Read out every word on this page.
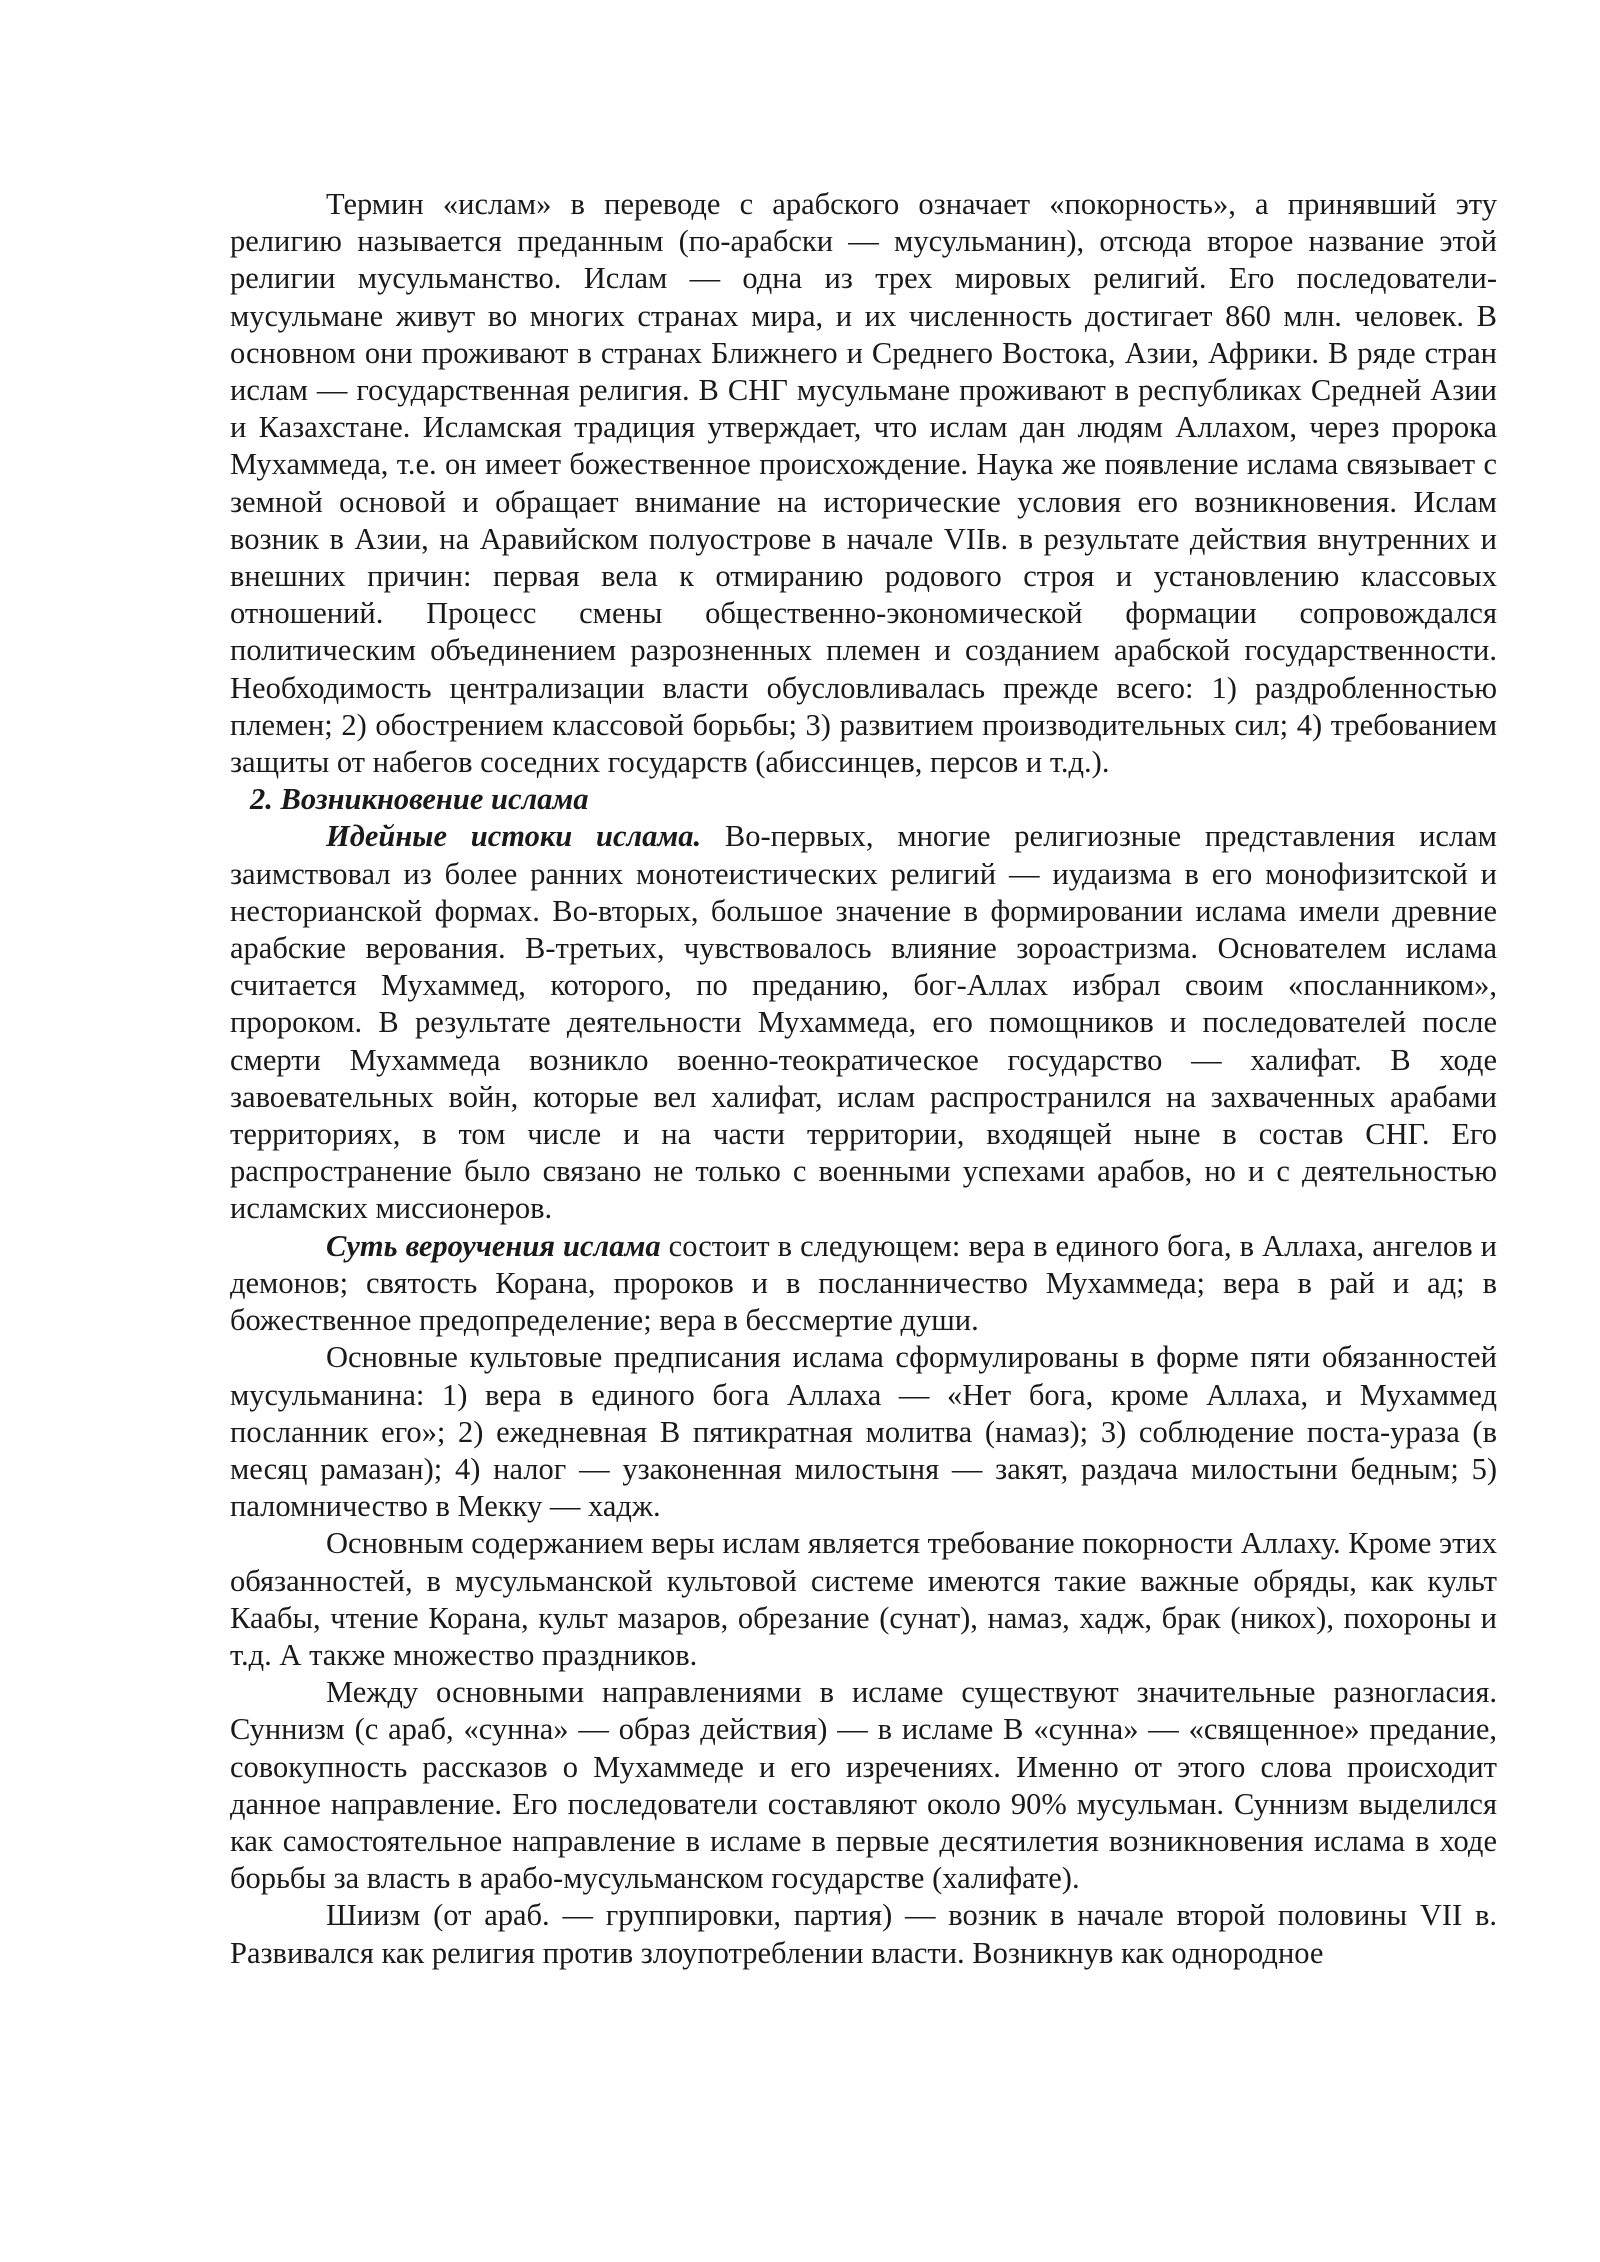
Термин «ислам» в переводе с арабского означает «покорность», а принявший эту религию называется преданным (по-арабски — мусульманин), отсюда второе название этой религии мусульманство. Ислам — одна из трех мировых религий. Его последователи-мусульмане живут во многих странах мира, и их численность достигает 860 млн. человек. В основном они проживают в странах Ближнего и Среднего Востока, Азии, Африки. В ряде стран ислам — государственная религия. В СНГ мусульмане проживают в республиках Средней Азии и Казахстане. Исламская традиция утверждает, что ислам дан людям Аллахом, через пророка Мухаммеда, т.е. он имеет божественное происхождение. Наука же появление ислама связывает с земной основой и обращает внимание на исторические условия его возникновения. Ислам возник в Азии, на Аравийском полуострове в начале VIIв. в результате действия внутренних и внешних причин: первая вела к отмиранию родового строя и установлению классовых отношений. Процесс смены общественно-экономической формации сопровождался политическим объединением разрозненных племен и созданием арабской государственности. Необходимость централизации власти обусловливалась прежде всего: 1) раздробленностью племен; 2) обострением классовой борьбы; 3) развитием производительных сил; 4) требованием защиты от набегов соседних государств (абиссинцев, персов и т.д.).

2. Возникновение ислама

Идейные истоки ислама. Во-первых, многие религиозные представления ислам заимствовал из более ранних монотеистических религий — иудаизма в его монофизитской и несторианской формах. Во-вторых, большое значение в формировании ислама имели древние арабские верования. В-третьих, чувствовалось влияние зороастризма. Основателем ислама считается Мухаммед, которого, по преданию, бог-Аллах избрал своим «посланником», пророком. В результате деятельности Мухаммеда, его помощников и последователей после смерти Мухаммеда возникло военно-теократическое государство — халифат. В ходе завоевательных войн, которые вел халифат, ислам распространился на захваченных арабами территориях, в том числе и на части территории, входящей ныне в состав СНГ. Его распространение было связано не только с военными успехами арабов, но и с деятельностью исламских миссионеров.

Суть вероучения ислама состоит в следующем: вера в единого бога, в Аллаха, ангелов и демонов; святость Корана, пророков и в посланничество Мухаммеда; вера в рай и ад; в божественное предопределение; вера в бессмертие души.

Основные культовые предписания ислама сформулированы в форме пяти обязанностей мусульманина: 1) вера в единого бога Аллаха — «Нет бога, кроме Аллаха, и Мухаммед посланник его»; 2) ежедневная В пятикратная молитва (намаз); 3) соблюдение поста-ураза (в месяц рамазан); 4) налог — узаконенная милостыня — закят, раздача милостыни бедным; 5) паломничество в Мекку — хадж.

Основным содержанием веры ислам является требование покорности Аллаху. Кроме этих обязанностей, в мусульманской культовой системе имеются такие важные обряды, как культ Каабы, чтение Корана, культ мазаров, обрезание (сунат), намаз, хадж, брак (никох), похороны и т.д. А также множество праздников.

Между основными направлениями в исламе существуют значительные разногласия. Суннизм (с араб, «сунна» — образ действия) — в исламе В «сунна» — «священное» предание, совокупность рассказов о Мухаммеде и его изречениях. Именно от этого слова происходит данное направление. Его последователи составляют около 90% мусульман. Суннизм выделился как самостоятельное направление в исламе в первые десятилетия возникновения ислама в ходе борьбы за власть в арабо-мусульманском государстве (халифате).

Шиизм (от араб. — группировки, партия) — возник в начале второй половины VII в. Развивался как религия против злоупотреблении власти. Возникнув как однородное
